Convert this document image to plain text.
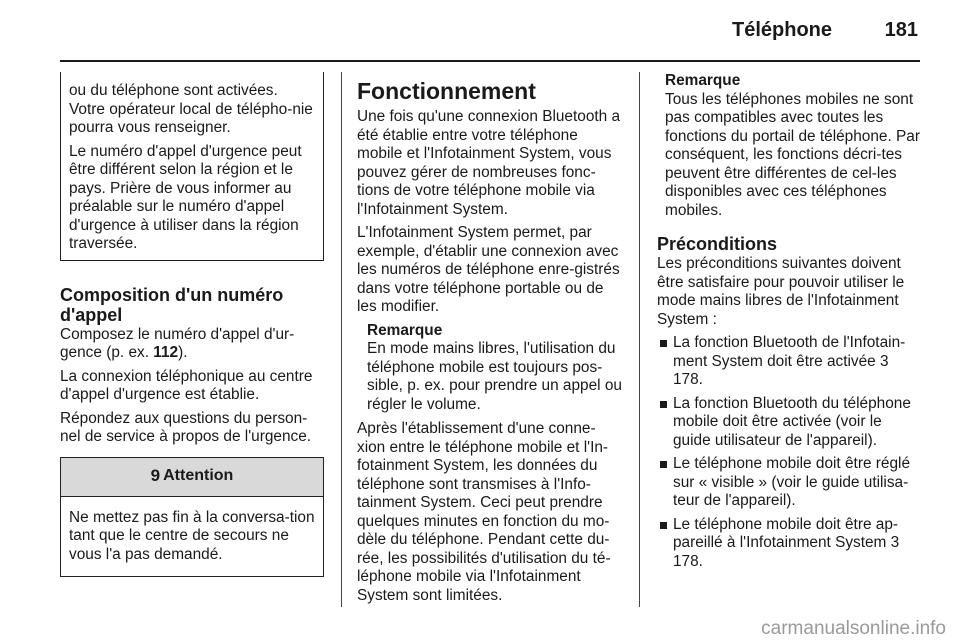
Téléphone	181

ou du téléphone sont activées. Votre opérateur local de télépho-nie pourra vous renseigner.

Le numéro d'appel d'urgence peut être différent selon la région et le pays. Prière de vous informer au préalable sur le numéro d'appel d'urgence à utiliser dans la région traversée.

Composition d'un numéro d'appel

Composez le numéro d'appel d'ur-gence (p. ex. 112).

La connexion téléphonique au centre d'appel d'urgence est établie.

Répondez aux questions du person-nel de service à propos de l'urgence.

9 Attention
Ne mettez pas fin à la conversa-tion tant que le centre de secours ne vous l'a pas demandé.
Fonctionnement

Une fois qu'une connexion Bluetooth a été établie entre votre téléphone mobile et l'Infotainment System, vous pouvez gérer de nombreuses fonc-tions de votre téléphone mobile via l'Infotainment System.

L'Infotainment System permet, par exemple, d'établir une connexion avec les numéros de téléphone enre-gistrés dans votre téléphone portable ou de les modifier.

Remarque
En mode mains libres, l'utilisation du téléphone mobile est toujours pos-sible, p. ex. pour prendre un appel ou régler le volume.

Après l'établissement d'une conne-xion entre le téléphone mobile et l'In-fotainment System, les données du téléphone sont transmises à l'Info-tainment System. Ceci peut prendre quelques minutes en fonction du mo-dèle du téléphone. Pendant cette du-rée, les possibilités d'utilisation du té-léphone mobile via l'Infotainment System sont limitées.

Remarque
Tous les téléphones mobiles ne sont pas compatibles avec toutes les fonctions du portail de téléphone. Par conséquent, les fonctions décri-tes peuvent être différentes de cel-les disponibles avec ces téléphones mobiles.
Préconditions

Les préconditions suivantes doivent être satisfaire pour pouvoir utiliser le mode mains libres de l'Infotainment System :

La fonction Bluetooth de l'Infotain-ment System doit être activée 3 178.
La fonction Bluetooth du téléphone mobile doit être activée (voir le guide utilisateur de l'appareil).
Le téléphone mobile doit être réglé sur « visible » (voir le guide utilisa-teur de l'appareil).
Le téléphone mobile doit être ap-pareillé à l'Infotainment System 3 178.
carmanualsonline.info
